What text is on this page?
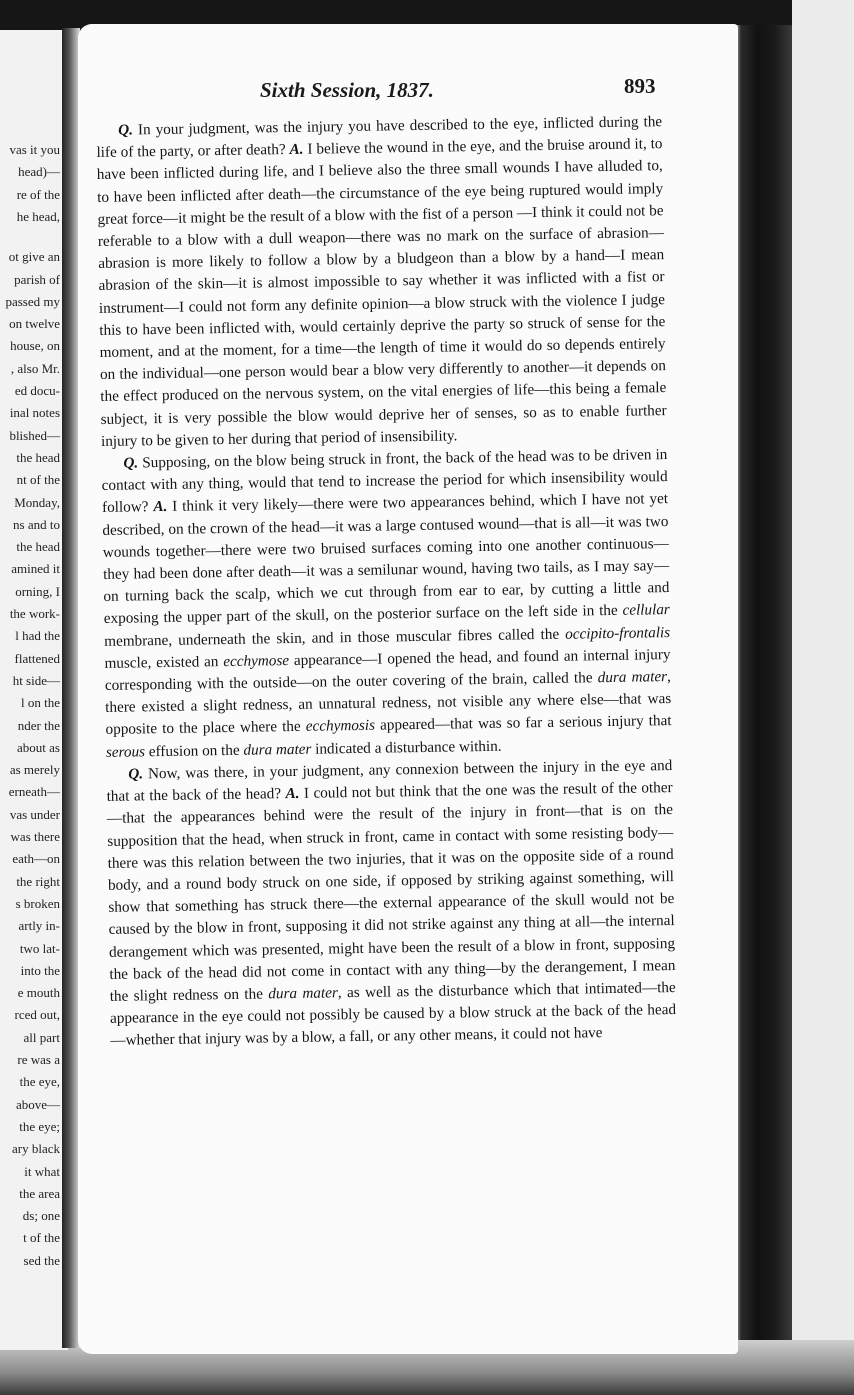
vas it you
head)—
re of the
he head,
ot give an
parish of
passed my
on twelve
house, on
, also Mr.
ed docu-
inal notes
blished—
the head
nt of the
Monday,
ns and to
the head
amined it
orning, I
the work-
l had the
flattened
ht side—
l on the
nder the
about as
as merely
erneath—
vas under
was there
eath—on
the right
s broken
artly in-
two lat-
into the
e mouth
rced out,
all part
re was a
the eye,
above—
the eye;
ary black
it what
the area
ds; one
t of the
sed the
Sixth Session, 1837.	893

Q. In your judgment, was the injury you have described to the eye, inflicted during the life of the party, or after death? A. I believe the wound in the eye, and the bruise around it, to have been inflicted during life, and I believe also the three small wounds I have alluded to, to have been inflicted after death—the circumstance of the eye being ruptured would imply great force—it might be the result of a blow with the fist of a person —I think it could not be referable to a blow with a dull weapon—there was no mark on the surface of abrasion—abrasion is more likely to follow a blow by a bludgeon than a blow by a hand—I mean abrasion of the skin—it is almost impossible to say whether it was inflicted with a fist or instrument—I could not form any definite opinion—a blow struck with the violence I judge this to have been inflicted with, would certainly deprive the party so struck of sense for the moment, and at the moment, for a time—the length of time it would do so depends entirely on the individual—one person would bear a blow very differently to another—it depends on the effect produced on the nervous system, on the vital energies of life—this being a female subject, it is very possible the blow would deprive her of senses, so as to enable further injury to be given to her during that period of insensibility.

Q. Supposing, on the blow being struck in front, the back of the head was to be driven in contact with any thing, would that tend to increase the period for which insensibility would follow? A. I think it very likely—there were two appearances behind, which I have not yet described, on the crown of the head—it was a large contused wound—that is all—it was two wounds together—there were two bruised surfaces coming into one another continuous—they had been done after death—it was a semilunar wound, having two tails, as I may say—on turning back the scalp, which we cut through from ear to ear, by cutting a little and exposing the upper part of the skull, on the posterior surface on the left side in the cellular membrane, underneath the skin, and in those muscular fibres called the occipito-frontalis muscle, existed an ecchymose appearance—I opened the head, and found an internal injury corresponding with the outside—on the outer covering of the brain, called the dura mater, there existed a slight redness, an unnatural redness, not visible any where else—that was opposite to the place where the ecchymosis appeared—that was so far a serious injury that serous effusion on the dura mater indicated a disturbance within.

Q. Now, was there, in your judgment, any connexion between the injury in the eye and that at the back of the head? A. I could not but think that the one was the result of the other—that the appearances behind were the result of the injury in front—that is on the supposition that the head, when struck in front, came in contact with some resisting body—there was this relation between the two injuries, that it was on the opposite side of a round body, and a round body struck on one side, if opposed by striking against something, will show that something has struck there—the external appearance of the skull would not be caused by the blow in front, supposing it did not strike against any thing at all—the internal derangement which was presented, might have been the result of a blow in front, supposing the back of the head did not come in contact with any thing—by the derangement, I mean the slight redness on the dura mater, as well as the disturbance which that intimated—the appearance in the eye could not possibly be caused by a blow struck at the back of the head—whether that injury was by a blow, a fall, or any other means, it could not have
